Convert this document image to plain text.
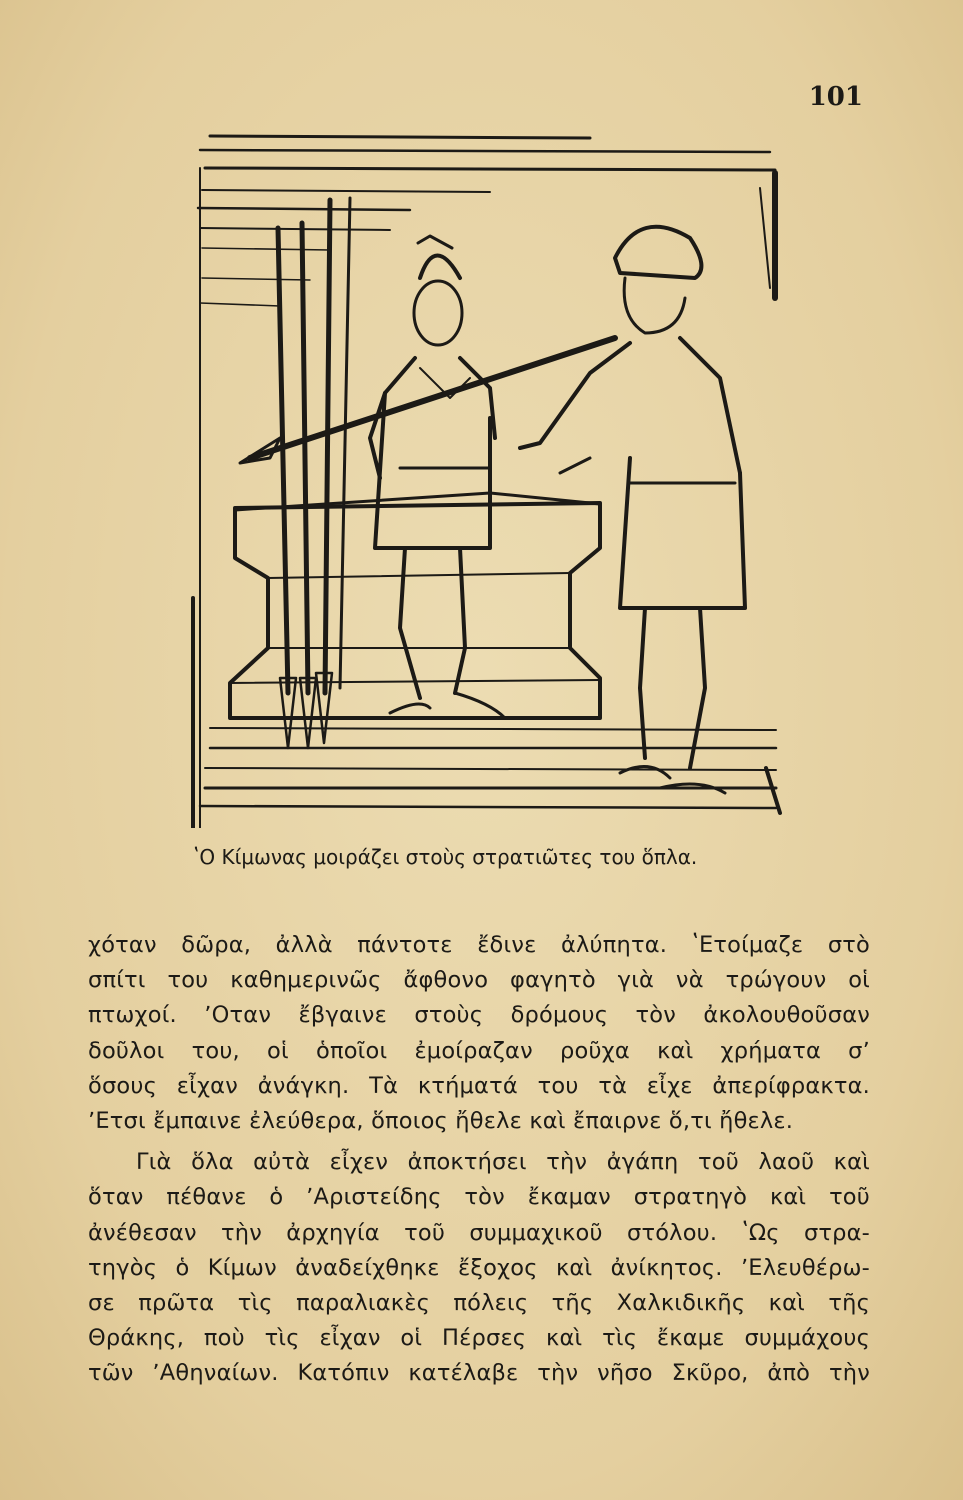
101
ʽΟ Κίμωνας μοιράζει στοὺς στρατιῶτες του ὅπλα.

χόταν δῶρα, ἀλλὰ πάντοτε ἔδινε ἀλύπητα. ʽΕτοίμαζε στὸ
σπίτι του καθημερινῶς ἄφθονο φαγητὸ γιὰ νὰ τρώγουν οἱ
πτωχοί. ʼΟταν ἔβγαινε στοὺς δρόμους τὸν ἀκολουθοῦσαν
δοῦλοι του, οἱ ὁποῖοι ἐμοίραζαν ροῦχα καὶ χρήματα σʼ
ὅσους εἶχαν ἀνάγκη. Τὰ κτήματά του τὰ εἶχε ἀπερίφρακτα.
ʼΕτσι ἔμπαινε ἐλεύθερα, ὅποιος ἤθελε καὶ ἔπαιρνε ὅ,τι ἤθελε.

Γιὰ ὅλα αὐτὰ εἶχεν ἀποκτήσει τὴν ἀγάπη τοῦ λαοῦ καὶ
ὅταν πέθανε ὁ ʼΑριστείδης τὸν ἔκαμαν στρατηγὸ καὶ τοῦ
ἀνέθεσαν τὴν ἀρχηγία τοῦ συμμαχικοῦ στόλου. ʽΩς στρα-
τηγὸς ὁ Κίμων ἀναδείχθηκε ἔξοχος καὶ ἀνίκητος. ʼΕλευθέρω-
σε πρῶτα τὶς παραλιακὲς πόλεις τῆς Χαλκιδικῆς καὶ τῆς
Θράκης, ποὺ τὶς εἶχαν οἱ Πέρσες καὶ τὶς ἔκαμε συμμάχους
τῶν ʼΑθηναίων. Κατόπιν κατέλαβε τὴν νῆσο Σκῦρο, ἀπὸ τὴν
